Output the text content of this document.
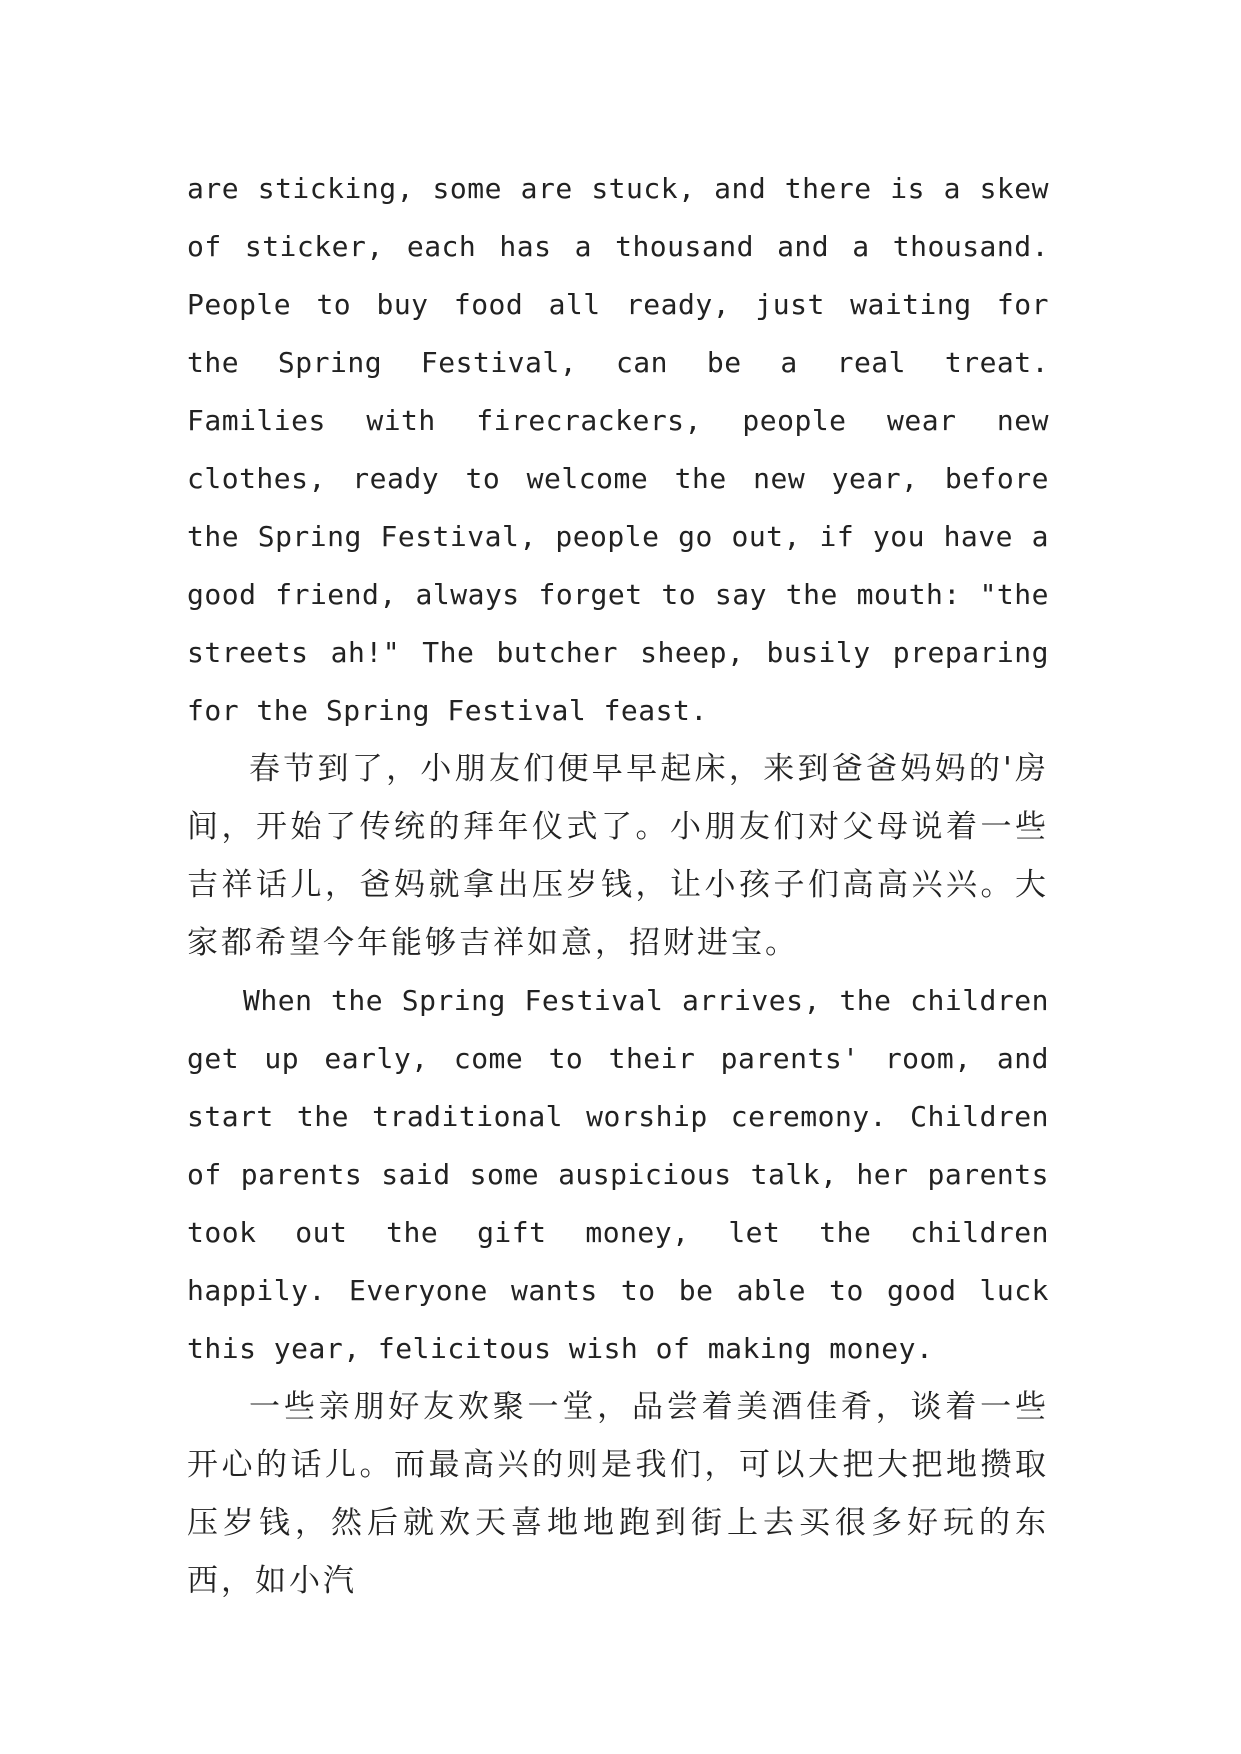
are sticking, some are stuck, and there is a skew of sticker, each has a thousand and a thousand. People to buy food all ready, just waiting for the Spring Festival, can be a real treat. Families with firecrackers, people wear new clothes, ready to welcome the new year, before the Spring Festival, people go out, if you have a good friend, always forget to say the mouth: "the streets ah!" The butcher sheep, busily preparing for the Spring Festival feast.

春节到了，小朋友们便早早起床，来到爸爸妈妈的'房间，开始了传统的拜年仪式了。小朋友们对父母说着一些吉祥话儿，爸妈就拿出压岁钱，让小孩子们高高兴兴。大家都希望今年能够吉祥如意，招财进宝。

When the Spring Festival arrives, the children get up early, come to their parents' room, and start the traditional worship ceremony. Children of parents said some auspicious talk, her parents took out the gift money, let the children happily. Everyone wants to be able to good luck this year, felicitous wish of making money.

一些亲朋好友欢聚一堂，品尝着美酒佳肴，谈着一些开心的话儿。而最高兴的则是我们，可以大把大把地攒取压岁钱，然后就欢天喜地地跑到街上去买很多好玩的东西，如小汽
